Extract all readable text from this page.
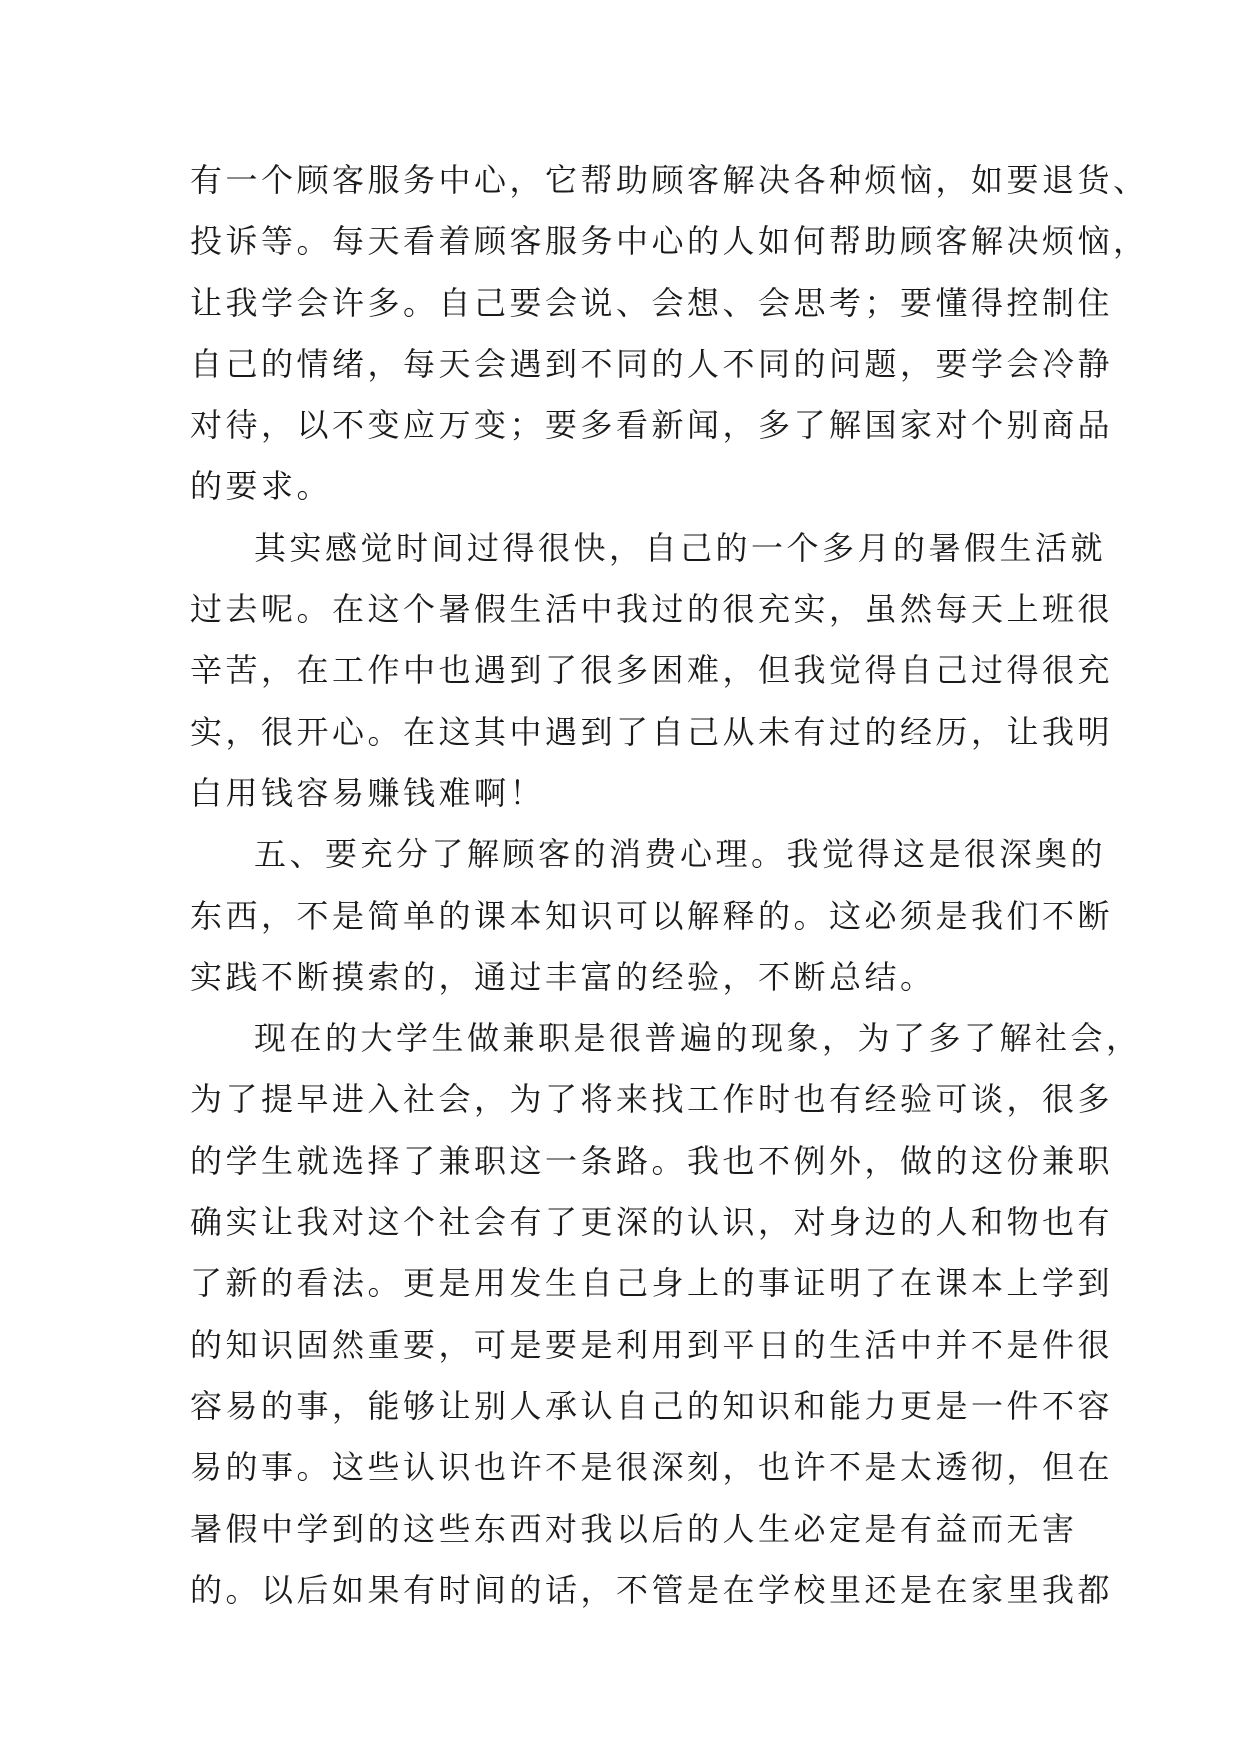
有一个顾客服务中心，它帮助顾客解决各种烦恼，如要退货、
投诉等。每天看着顾客服务中心的人如何帮助顾客解决烦恼，
让我学会许多。自己要会说、会想、会思考；要懂得控制住
自己的情绪，每天会遇到不同的人不同的问题，要学会冷静
对待，以不变应万变；要多看新闻，多了解国家对个别商品
的要求。
其实感觉时间过得很快，自己的一个多月的暑假生活就
过去呢。在这个暑假生活中我过的很充实，虽然每天上班很
辛苦，在工作中也遇到了很多困难，但我觉得自己过得很充
实，很开心。在这其中遇到了自己从未有过的经历，让我明
白用钱容易赚钱难啊！
五、要充分了解顾客的消费心理。我觉得这是很深奥的
东西，不是简单的课本知识可以解释的。这必须是我们不断
实践不断摸索的，通过丰富的经验，不断总结。
现在的大学生做兼职是很普遍的现象，为了多了解社会，
为了提早进入社会，为了将来找工作时也有经验可谈，很多
的学生就选择了兼职这一条路。我也不例外，做的这份兼职
确实让我对这个社会有了更深的认识，对身边的人和物也有
了新的看法。更是用发生自己身上的事证明了在课本上学到
的知识固然重要，可是要是利用到平日的生活中并不是件很
容易的事，能够让别人承认自己的知识和能力更是一件不容
易的事。这些认识也许不是很深刻，也许不是太透彻，但在
暑假中学到的这些东西对我以后的人生必定是有益而无害
的。以后如果有时间的话，不管是在学校里还是在家里我都
